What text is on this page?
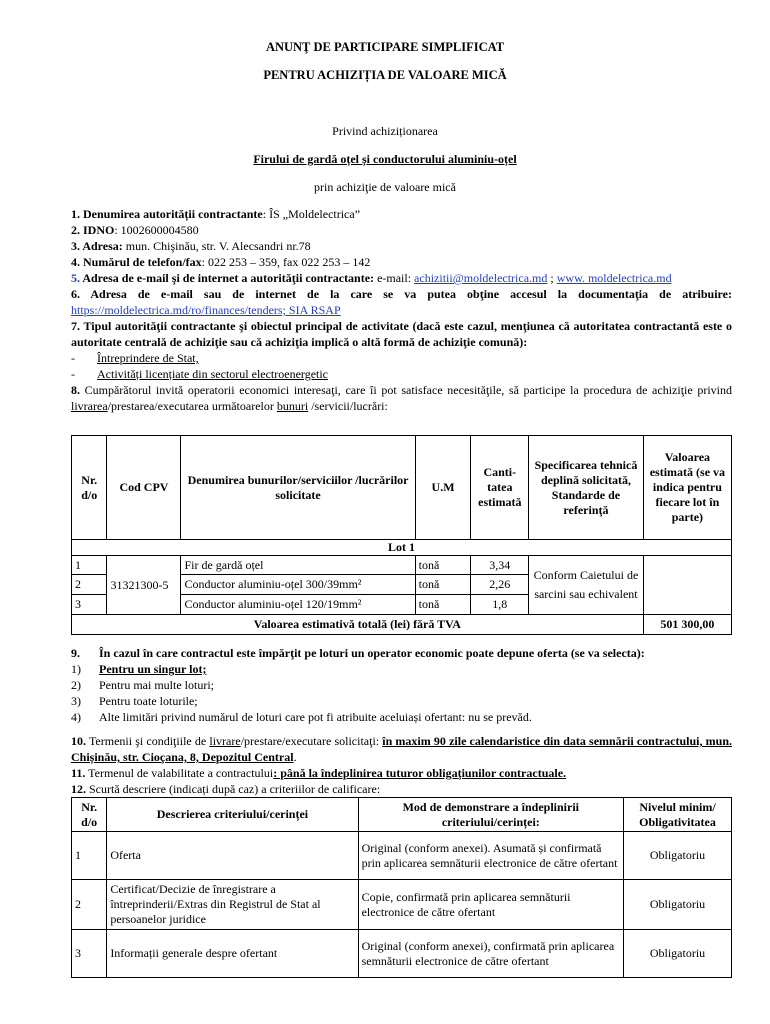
ANUNŢ DE PARTICIPARE SIMPLIFICAT
PENTRU ACHIZIȚIA DE VALOARE MICĂ
Privind achiziționarea
Firului de gardă oțel și conductorului aluminiu-oțel
prin achiziţie de valoare mică

1. Denumirea autorității contractante: ÎS „Moldelectrica”

2. IDNO: 1002600004580

3. Adresa: mun. Chişinău, str. V. Alecsandri nr.78

4. Numărul de telefon/fax: 022 253 – 359, fax 022 253 – 142

5. Adresa de e-mail şi de internet a autorităţii contractante: e-mail: achizitii@moldelectrica.md ; www. moldelectrica.md

6. Adresa de e-mail sau de internet de la care se va putea obţine accesul la documentaţia de atribuire: https://moldelectrica.md/ro/finances/tenders; SIA RSAP

7. Tipul autorităţii contractante şi obiectul principal de activitate (dacă este cazul, menţiunea că autoritatea contractantă este o autoritate centrală de achiziţie sau că achiziţia implică o altă formă de achiziţie comună):

- Întreprindere de Stat,

- Activități licențiate din sectorul electroenergetic

8. Cumpărătorul invită operatorii economici interesaţi, care îi pot satisface necesităţile, să participe la procedura de achiziţie privind livrarea/prestarea/executarea următoarelor bunuri /servicii/lucrări:

Nr. d/o	Cod CPV	Denumirea bunurilor/serviciilor /lucrărilor solicitate	U.M	Canti-tatea estimată	Specificarea tehnică deplină solicitată, Standarde de referinţă	Valoarea estimată (se va indica pentru fiecare lot în parte)
Lot 1						
1	31321300-5	Fir de gardă oțel	tonă	3,34	Conform Caietului de sarcini sau echivalent	
2		Conductor aluminiu-oțel 300/39mm²	tonă	2,26		
3		Conductor aluminiu-oțel 120/19mm²	tonă	1,8		
Valoarea estimativă totală (lei) fără TVA						501 300,00
9.	În cazul în care contractul este împărţit pe loturi un operator economic poate depune oferta (se va selecta):
1)	Pentru un singur lot;
2)	Pentru mai multe loturi;
3)	Pentru toate loturile;
4)	Alte limitări privind numărul de loturi care pot fi atribuite aceluiași ofertant: nu se prevăd.

10. Termenii şi condiţiile de livrare/prestare/executare solicitaţi: în maxim 90 zile calendaristice din data semnării contractului, mun. Chișinău, str. Cioçana, 8, Depozitul Central.

11. Termenul de valabilitate a contractului: până la îndeplinirea tuturor obligațiunilor contractuale.

12. Scurtă descriere (indicați după caz) a criteriilor de calificare:

Nr. d/o	Descrierea criteriului/cerinței	Mod de demonstrare a îndeplinirii criteriului/cerinței:	Nivelul minim/ Obligativitatea
1	Oferta	Original (conform anexei). Asumată și confirmată prin aplicarea semnăturii electronice de către ofertant	Obligatoriu
2	Certificat/Decizie de înregistrare a întreprinderii/Extras din Registrul de Stat al persoanelor juridice	Copie, confirmată prin aplicarea semnăturii electronice de către ofertant	Obligatoriu
3	Informații generale despre ofertant	Original (conform anexei), confirmată prin aplicarea semnăturii electronice de către ofertant	Obligatoriu
